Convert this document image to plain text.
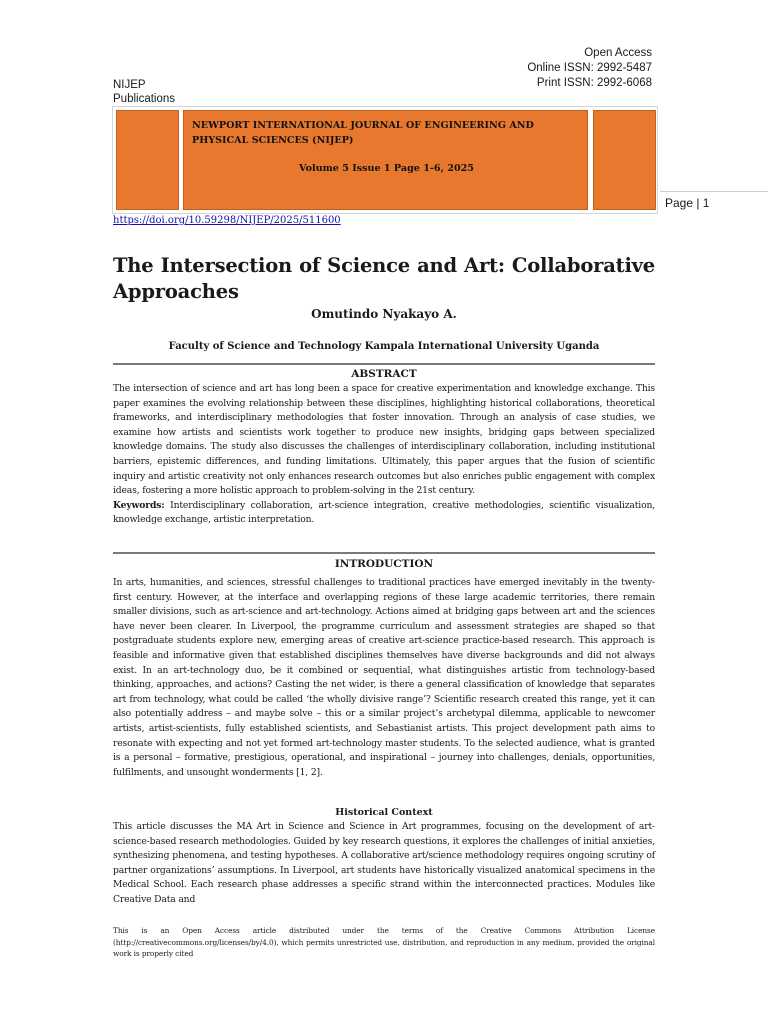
Open Access
Online ISSN: 2992-5487
Print ISSN: 2992-6068
NIJEP
Publications
NEWPORT INTERNATIONAL JOURNAL OF ENGINEERING AND PHYSICAL SCIENCES (NIJEP)
Volume 5 Issue 1 Page 1-6, 2025
Page | 1
https://doi.org/10.59298/NIJEP/2025/511600
The Intersection of Science and Art: Collaborative Approaches
Omutindo Nyakayo A.
Faculty of Science and Technology Kampala International University Uganda
ABSTRACT
The intersection of science and art has long been a space for creative experimentation and knowledge exchange. This paper examines the evolving relationship between these disciplines, highlighting historical collaborations, theoretical frameworks, and interdisciplinary methodologies that foster innovation. Through an analysis of case studies, we examine how artists and scientists work together to produce new insights, bridging gaps between specialized knowledge domains. The study also discusses the challenges of interdisciplinary collaboration, including institutional barriers, epistemic differences, and funding limitations. Ultimately, this paper argues that the fusion of scientific inquiry and artistic creativity not only enhances research outcomes but also enriches public engagement with complex ideas, fostering a more holistic approach to problem-solving in the 21st century.
Keywords: Interdisciplinary collaboration, art-science integration, creative methodologies, scientific visualization, knowledge exchange, artistic interpretation.
INTRODUCTION
In arts, humanities, and sciences, stressful challenges to traditional practices have emerged inevitably in the twenty-first century. However, at the interface and overlapping regions of these large academic territories, there remain smaller divisions, such as art-science and art-technology. Actions aimed at bridging gaps between art and the sciences have never been clearer. In Liverpool, the programme curriculum and assessment strategies are shaped so that postgraduate students explore new, emerging areas of creative art-science practice-based research. This approach is feasible and informative given that established disciplines themselves have diverse backgrounds and did not always exist. In an art-technology duo, be it combined or sequential, what distinguishes artistic from technology-based thinking, approaches, and actions? Casting the net wider, is there a general classification of knowledge that separates art from technology, what could be called ‘the wholly divisive range’? Scientific research created this range, yet it can also potentially address – and maybe solve – this or a similar project’s archetypal dilemma, applicable to newcomer artists, artist-scientists, fully established scientists, and Sebastianist artists. This project development path aims to resonate with expecting and not yet formed art-technology master students. To the selected audience, what is granted is a personal – formative, prestigious, operational, and inspirational – journey into challenges, denials, opportunities, fulfilments, and unsought wonderments [1, 2].
Historical Context
This article discusses the MA Art in Science and Science in Art programmes, focusing on the development of art-science-based research methodologies. Guided by key research questions, it explores the challenges of initial anxieties, synthesizing phenomena, and testing hypotheses. A collaborative art/science methodology requires ongoing scrutiny of partner organizations’ assumptions. In Liverpool, art students have historically visualized anatomical specimens in the Medical School. Each research phase addresses a specific strand within the interconnected practices. Modules like Creative Data and
This is an Open Access article distributed under the terms of the Creative Commons Attribution License (http://creativecommons.org/licenses/by/4.0), which permits unrestricted use, distribution, and reproduction in any medium, provided the original work is properly cited
